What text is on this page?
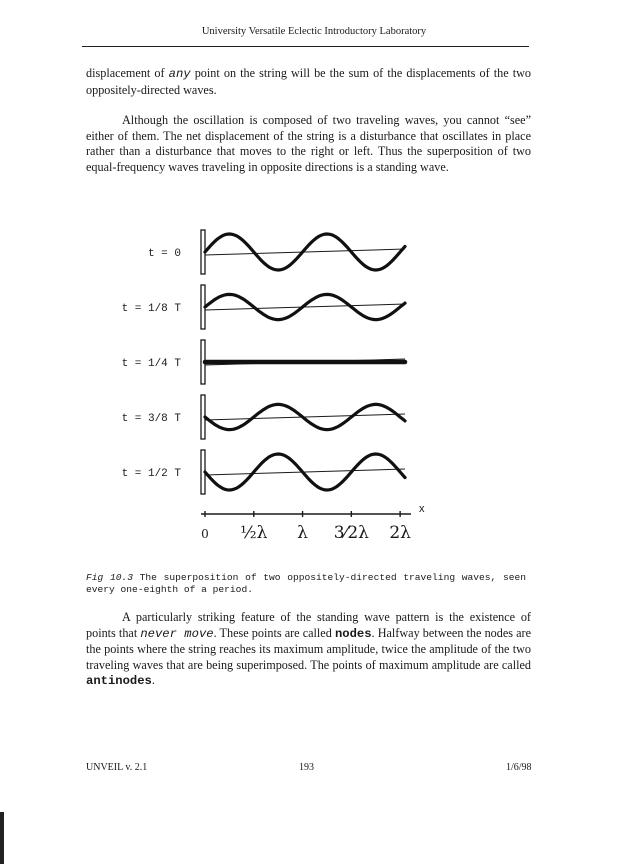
University Versatile Eclectic Introductory Laboratory
displacement of any point on the string will be the sum of the displacements of the two oppositely-directed waves.
Although the oscillation is composed of two traveling waves, you cannot “see” either of them. The net displacement of the string is a disturbance that oscillates in place rather than a disturbance that moves to the right or left. Thus the superposition of two equal-frequency waves traveling in opposite directions is a standing wave.
t = 0
t = 1/8 T
t = 1/4 T
t = 3/8 T
t = 1/2 T
x
0 ½λ λ 3⁄2λ 2λ
Fig 10.3 The superposition of two oppositely-directed traveling waves, seen every one-eighth of a period.
A particularly striking feature of the standing wave pattern is the existence of points that never move. These points are called nodes. Halfway between the nodes are the points where the string reaches its maximum amplitude, twice the amplitude of the two traveling waves that are being superimposed. The points of maximum amplitude are called antinodes.
UNVEIL v. 2.1	193	1/6/98
